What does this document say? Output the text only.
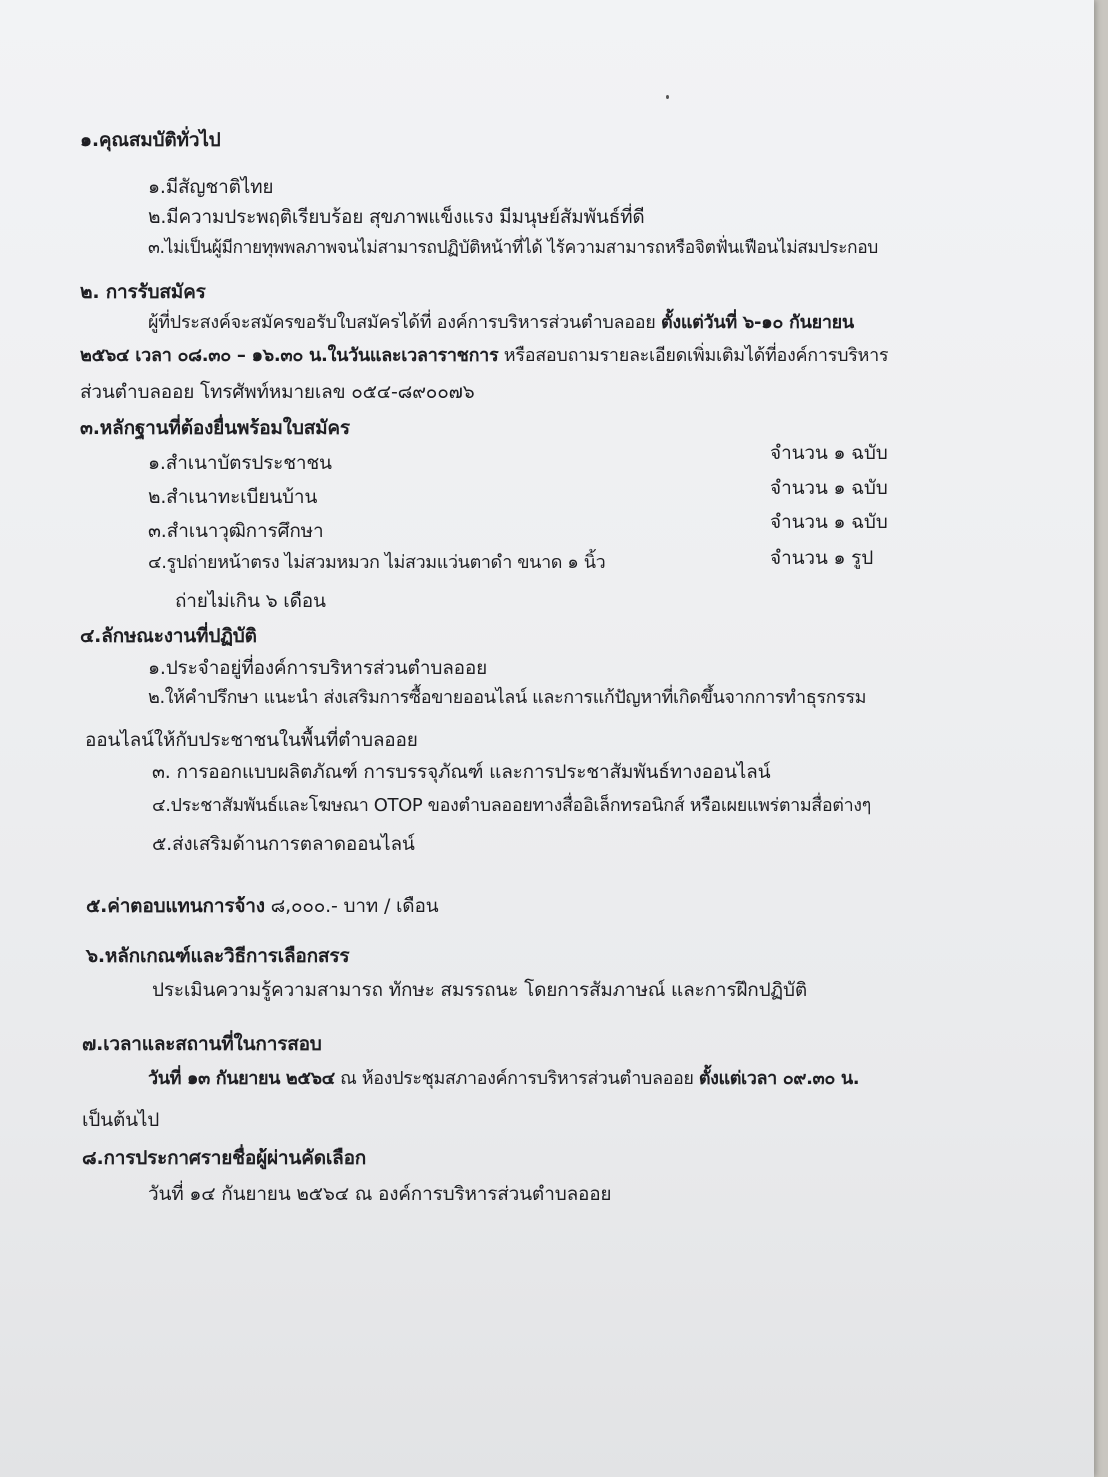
๑.คุณสมบัติทั่วไป
๑.มีสัญชาติไทย
๒.มีความประพฤติเรียบร้อย สุขภาพแข็งแรง มีมนุษย์สัมพันธ์ที่ดี
๓.ไม่เป็นผู้มีกายทุพพลภาพจนไม่สามารถปฏิบัติหน้าที่ได้ ไร้ความสามารถหรือจิตฟั่นเฟือนไม่สมประกอบ
๒. การรับสมัคร
ผู้ที่ประสงค์จะสมัครขอรับใบสมัครได้ที่ องค์การบริหารส่วนตำบลออย ตั้งแต่วันที่ ๖-๑๐ กันยายน
๒๕๖๔ เวลา ๐๘.๓๐ – ๑๖.๓๐ น.ในวันและเวลาราชการ หรือสอบถามรายละเอียดเพิ่มเติมได้ที่องค์การบริหาร
ส่วนตำบลออย โทรศัพท์หมายเลข ๐๕๔-๘๙๐๐๗๖
๓.หลักฐานที่ต้องยื่นพร้อมใบสมัคร
๑.สำเนาบัตรประชาชน	จำนวน ๑ ฉบับ
๒.สำเนาทะเบียนบ้าน	จำนวน ๑ ฉบับ
๓.สำเนาวุฒิการศึกษา	จำนวน ๑ ฉบับ
๔.รูปถ่ายหน้าตรง ไม่สวมหมวก ไม่สวมแว่นตาดำ ขนาด ๑ นิ้ว	จำนวน ๑ รูป
ถ่ายไม่เกิน ๖ เดือน
๔.ลักษณะงานที่ปฏิบัติ
๑.ประจำอยู่ที่องค์การบริหารส่วนตำบลออย
๒.ให้คำปรึกษา แนะนำ ส่งเสริมการซื้อขายออนไลน์ และการแก้ปัญหาที่เกิดขึ้นจากการทำธุรกรรม
ออนไลน์ให้กับประชาชนในพื้นที่ตำบลออย
๓. การออกแบบผลิตภัณฑ์ การบรรจุภัณฑ์ และการประชาสัมพันธ์ทางออนไลน์
๔.ประชาสัมพันธ์และโฆษณา OTOP ของตำบลออยทางสื่ออิเล็กทรอนิกส์ หรือเผยแพร่ตามสื่อต่างๆ
๕.ส่งเสริมด้านการตลาดออนไลน์
๕.ค่าตอบแทนการจ้าง ๘,๐๐๐.- บาท / เดือน
๖.หลักเกณฑ์และวิธีการเลือกสรร
ประเมินความรู้ความสามารถ ทักษะ สมรรถนะ โดยการสัมภาษณ์ และการฝึกปฏิบัติ
๗.เวลาและสถานที่ในการสอบ
วันที่ ๑๓ กันยายน ๒๕๖๔ ณ ห้องประชุมสภาองค์การบริหารส่วนตำบลออย ตั้งแต่เวลา ๐๙.๓๐ น.
เป็นต้นไป
๘.การประกาศรายชื่อผู้ผ่านคัดเลือก
วันที่ ๑๔ กันยายน ๒๕๖๔ ณ องค์การบริหารส่วนตำบลออย
